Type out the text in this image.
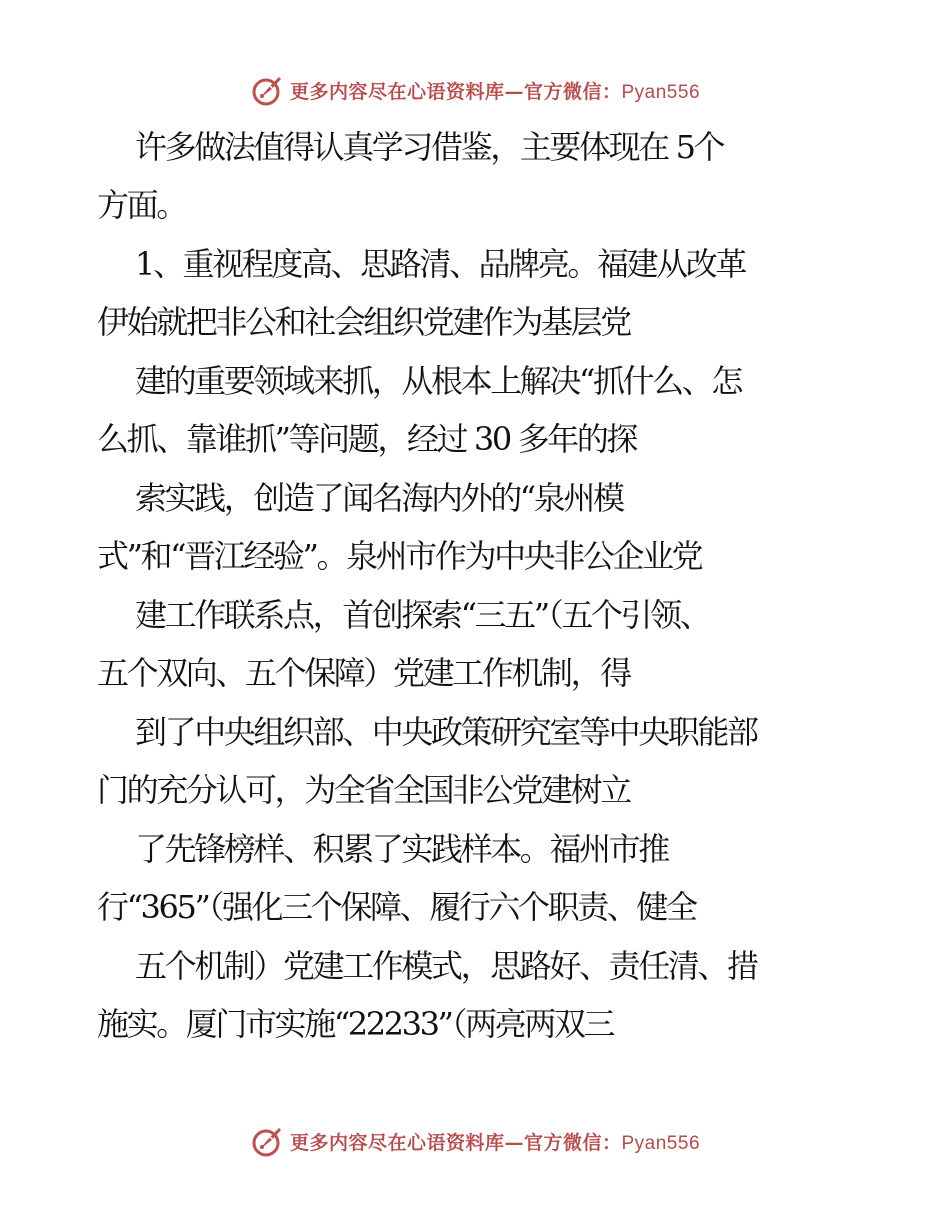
更多内容尽在心语资料库—官方微信：Pyan556
许多做法值得认真学习借鉴，主要体现在 5个
方面。
1、重视程度高、思路清、品牌亮。福建从改革
伊始就把非公和社会组织党建作为基层党
建的重要领域来抓，从根本上解决“抓什么、怎
么抓、靠谁抓”等问题，经过 30 多年的探
索实践，创造了闻名海内外的“泉州模
式”和“晋江经验”。泉州市作为中央非公企业党
建工作联系点，首创探索“三五”（五个引领、
五个双向、五个保障）党建工作机制，得
到了中央组织部、中央政策研究室等中央职能部
门的充分认可，为全省全国非公党建树立
了先锋榜样、积累了实践样本。福州市推
行“365”（强化三个保障、履行六个职责、健全
五个机制）党建工作模式，思路好、责任清、措
施实。厦门市实施“22233”（两亮两双三
更多内容尽在心语资料库—官方微信：Pyan556
